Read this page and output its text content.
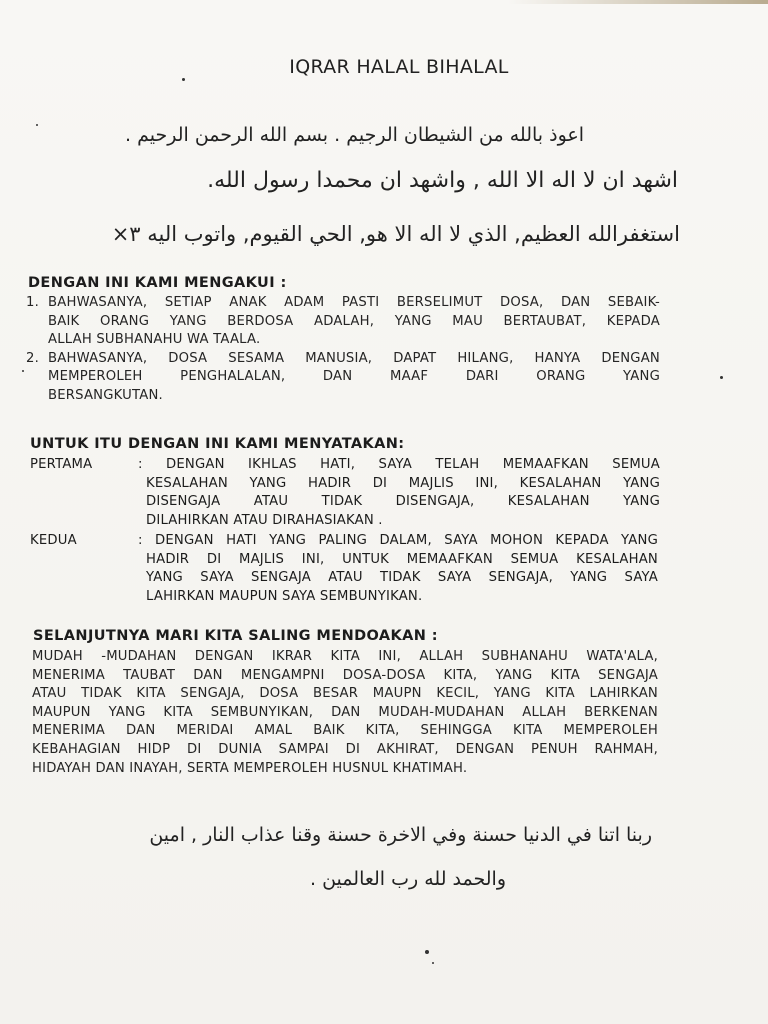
IQRAR HALAL BIHALAL
اعوذ بالله من الشيطان الرجيم . بسم الله الرحمن الرحيم .
اشهد ان لا اله الا الله , واشهد ان محمدا رسول الله.
استغفرالله العظيم, الذي لا اله الا هو, الحي القيوم, واتوب اليه ٣×
DENGAN INI KAMI MENGAKUI :
1. BAHWASANYA, SETIAP ANAK ADAM PASTI BERSELIMUT DOSA, DAN SEBAIK-
BAIK ORANG YANG BERDOSA ADALAH, YANG MAU BERTAUBAT, KEPADA
ALLAH SUBHANAHU WA TAALA.
2. BAHWASANYA, DOSA SESAMA MANUSIA, DAPAT HILANG, HANYA DENGAN
MEMPEROLEH PENGHALALAN, DAN MAAF DARI ORANG YANG
BERSANGKUTAN.
UNTUK ITU DENGAN INI KAMI MENYATAKAN:
PERTAMA	: DENGAN IKHLAS HATI, SAYA TELAH MEMAAFKAN SEMUA
KESALAHAN YANG HADIR DI MAJLIS INI, KESALAHAN YANG
DISENGAJA ATAU TIDAK DISENGAJA, KESALAHAN YANG
DILAHIRKAN ATAU DIRAHASIAKAN .
KEDUA	: DENGAN HATI YANG PALING DALAM, SAYA MOHON KEPADA YANG
HADIR DI MAJLIS INI, UNTUK MEMAAFKAN SEMUA KESALAHAN
YANG SAYA SENGAJA ATAU TIDAK SAYA SENGAJA, YANG SAYA
LAHIRKAN MAUPUN SAYA SEMBUNYIKAN.
SELANJUTNYA MARI KITA SALING MENDOAKAN :
MUDAH -MUDAHAN DENGAN IKRAR KITA INI, ALLAH SUBHANAHU WATA'ALA,
MENERIMA TAUBAT DAN MENGAMPNI DOSA-DOSA KITA, YANG KITA SENGAJA
ATAU TIDAK KITA SENGAJA, DOSA BESAR MAUPN KECIL, YANG KITA LAHIRKAN
MAUPUN YANG KITA SEMBUNYIKAN, DAN MUDAH-MUDAHAN ALLAH BERKENAN
MENERIMA DAN MERIDAI AMAL BAIK KITA, SEHINGGA KITA MEMPEROLEH
KEBAHAGIAN HIDP DI DUNIA SAMPAI DI AKHIRAT, DENGAN PENUH RAHMAH,
HIDAYAH DAN INAYAH, SERTA MEMPEROLEH HUSNUL KHATIMAH.
ربنا اتنا في الدنيا حسنة وفي الاخرة حسنة وقنا عذاب النار , امين
والحمد لله رب العالمين .
